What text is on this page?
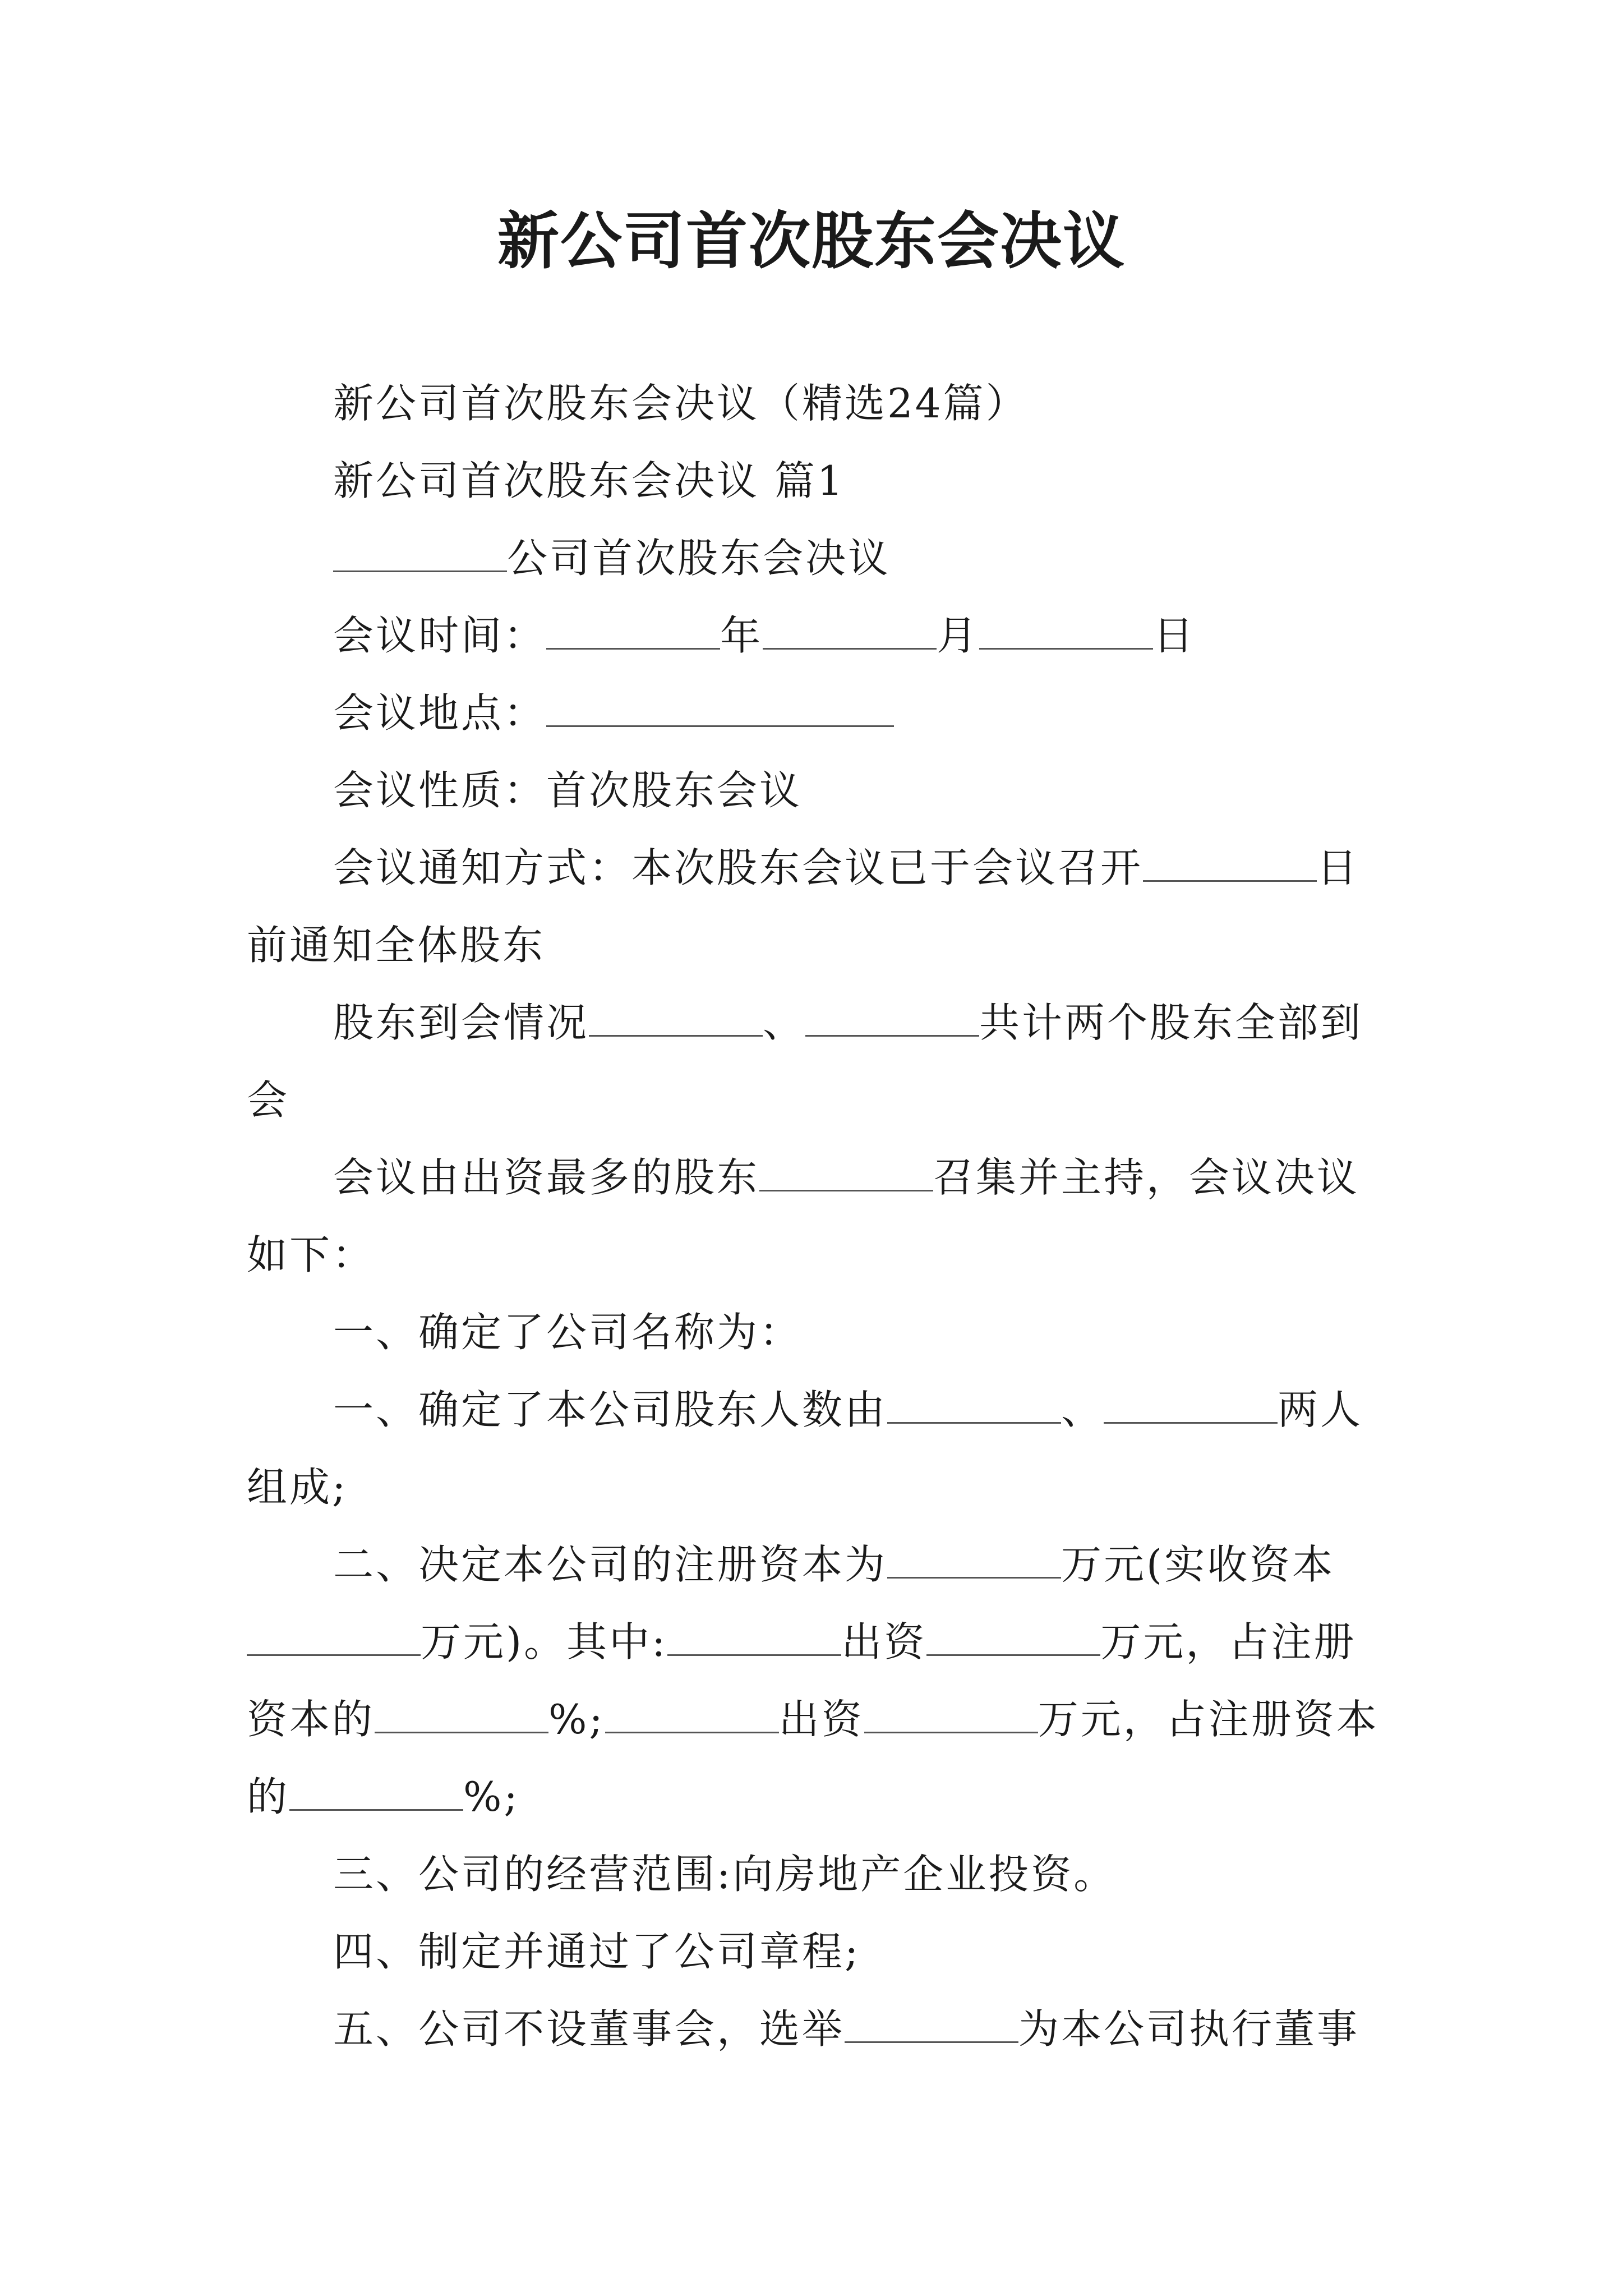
新公司首次股东会决议

新公司首次股东会决议（精选24篇）

新公司首次股东会决议 篇1

公司首次股东会决议

会议时间：	年	月	日

会议地点：

会议性质：首次股东会议

会议通知方式：本次股东会议已于会议召开	日前通知全体股东

股东到会情况	、	共计两个股东全部到会

会议由出资最多的股东	召集并主持，会议决议如下：

一、确定了公司名称为：

一、确定了本公司股东人数由	、	两人组成;

二、决定本公司的注册资本为	万元(实收资本万元)。其中:	出资	万元，占注册资本的	%;	出资	万元，占注册资本的	%;

三、公司的经营范围:向房地产企业投资。

四、制定并通过了公司章程;

五、公司不设董事会，选举	为本公司执行董事
